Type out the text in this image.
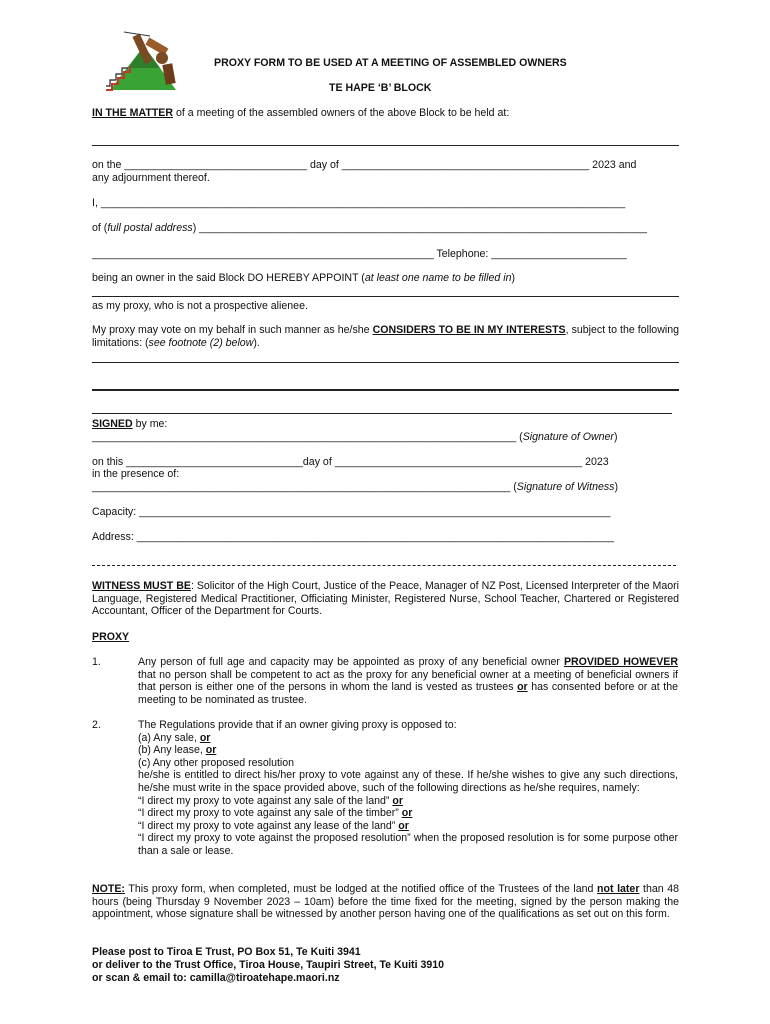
PROXY FORM TO BE USED AT A MEETING OF ASSEMBLED OWNERS
TE HAPE ‘B’ BLOCK
IN THE MATTER of a meeting of the assembled owners of the above Block to be held at:
on the _______________________________ day of __________________________________________ 2023 and
any adjournment thereof.
I, _________________________________________________________________________________________
of (full postal address) ____________________________________________________________________________
__________________________________________________________ Telephone: _______________________
being an owner in the said Block DO HEREBY APPOINT (at least one name to be filled in)
as my proxy, who is not a prospective alienee.
My proxy may vote on my behalf in such manner as he/she CONSIDERS TO BE IN MY INTERESTS, subject to the following limitations: (see footnote (2) below).
SIGNED by me:
________________________________________________________________________ (Signature of Owner)
on this ______________________________day of __________________________________________ 2023
in the presence of:
_______________________________________________________________________ (Signature of Witness)
Capacity: ________________________________________________________________________________
Address: _________________________________________________________________________________
WITNESS MUST BE: Solicitor of the High Court, Justice of the Peace, Manager of NZ Post, Licensed Interpreter of the Maori Language, Registered Medical Practitioner, Officiating Minister, Registered Nurse, School Teacher, Chartered or Registered Accountant, Officer of the Department for Courts.
PROXY
1.	Any person of full age and capacity may be appointed as proxy of any beneficial owner PROVIDED HOWEVER that no person shall be competent to act as the proxy for any beneficial owner at a meeting of beneficial owners if that person is either one of the persons in whom the land is vested as trustees or has consented before or at the meeting to be nominated as trustee.
2.	The Regulations provide that if an owner giving proxy is opposed to:
(a) Any sale, or
(b) Any lease, or
(c) Any other proposed resolution
he/she is entitled to direct his/her proxy to vote against any of these. If he/she wishes to give any such directions, he/she must write in the space provided above, such of the following directions as he/she requires, namely:
“I direct my proxy to vote against any sale of the land” or
“I direct my proxy to vote against any sale of the timber” or
“I direct my proxy to vote against any lease of the land” or
“I direct my proxy to vote against the proposed resolution” when the proposed resolution is for some purpose other than a sale or lease.
NOTE: This proxy form, when completed, must be lodged at the notified office of the Trustees of the land not later than 48 hours (being Thursday 9 November 2023 – 10am) before the time fixed for the meeting, signed by the person making the appointment, whose signature shall be witnessed by another person having one of the qualifications as set out on this form.
Please post to Tiroa E Trust, PO Box 51, Te Kuiti 3941
or deliver to the Trust Office, Tiroa House, Taupiri Street, Te Kuiti 3910
or scan & email to: camilla@tiroatehape.maori.nz
